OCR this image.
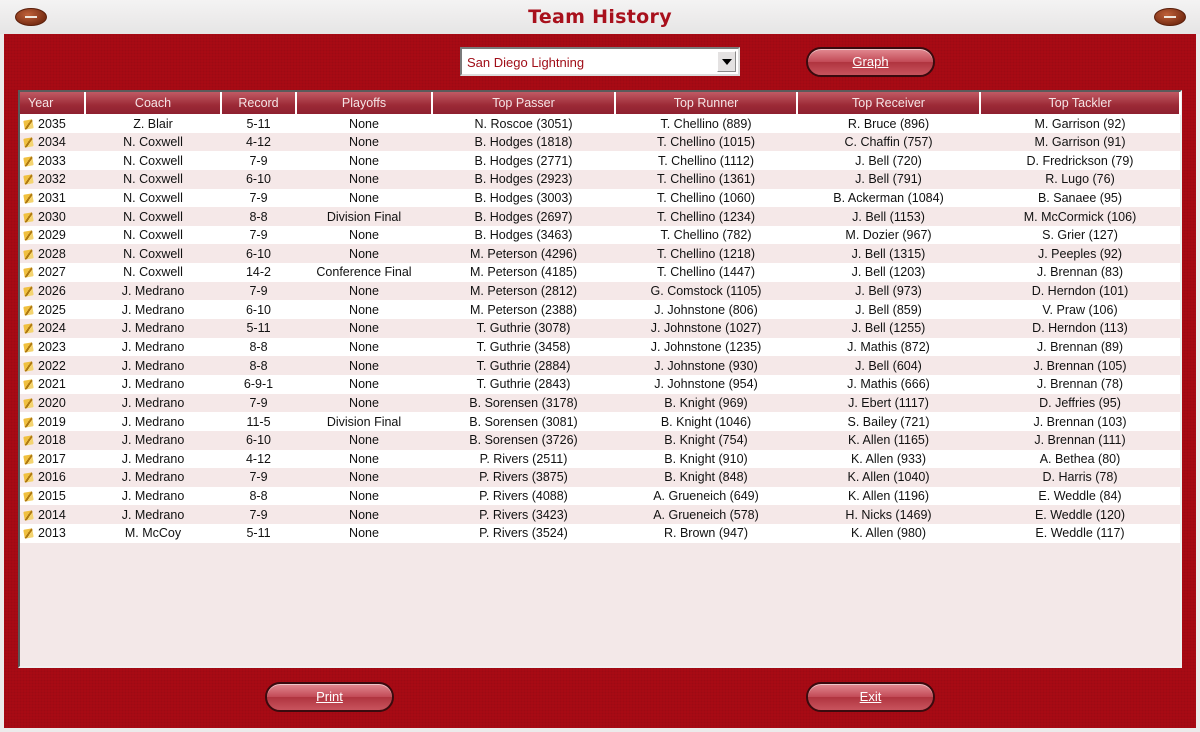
Team History
San Diego Lightning	Graph
Year	Coach	Record	Playoffs	Top Passer	Top Runner	Top Receiver	Top Tackler
2035	Z. Blair	5-11	None	N. Roscoe (3051)	T. Chellino (889)	R. Bruce (896)	M. Garrison (92)
2034	N. Coxwell	4-12	None	B. Hodges (1818)	T. Chellino (1015)	C. Chaffin (757)	M. Garrison (91)
2033	N. Coxwell	7-9	None	B. Hodges (2771)	T. Chellino (1112)	J. Bell (720)	D. Fredrickson (79)
2032	N. Coxwell	6-10	None	B. Hodges (2923)	T. Chellino (1361)	J. Bell (791)	R. Lugo (76)
2031	N. Coxwell	7-9	None	B. Hodges (3003)	T. Chellino (1060)	B. Ackerman (1084)	B. Sanaee (95)
2030	N. Coxwell	8-8	Division Final	B. Hodges (2697)	T. Chellino (1234)	J. Bell (1153)	M. McCormick (106)
2029	N. Coxwell	7-9	None	B. Hodges (3463)	T. Chellino (782)	M. Dozier (967)	S. Grier (127)
2028	N. Coxwell	6-10	None	M. Peterson (4296)	T. Chellino (1218)	J. Bell (1315)	J. Peeples (92)
2027	N. Coxwell	14-2	Conference Final	M. Peterson (4185)	T. Chellino (1447)	J. Bell (1203)	J. Brennan (83)
2026	J. Medrano	7-9	None	M. Peterson (2812)	G. Comstock (1105)	J. Bell (973)	D. Herndon (101)
2025	J. Medrano	6-10	None	M. Peterson (2388)	J. Johnstone (806)	J. Bell (859)	V. Praw (106)
2024	J. Medrano	5-11	None	T. Guthrie (3078)	J. Johnstone (1027)	J. Bell (1255)	D. Herndon (113)
2023	J. Medrano	8-8	None	T. Guthrie (3458)	J. Johnstone (1235)	J. Mathis (872)	J. Brennan (89)
2022	J. Medrano	8-8	None	T. Guthrie (2884)	J. Johnstone (930)	J. Bell (604)	J. Brennan (105)
2021	J. Medrano	6-9-1	None	T. Guthrie (2843)	J. Johnstone (954)	J. Mathis (666)	J. Brennan (78)
2020	J. Medrano	7-9	None	B. Sorensen (3178)	B. Knight (969)	J. Ebert (1117)	D. Jeffries (95)
2019	J. Medrano	11-5	Division Final	B. Sorensen (3081)	B. Knight (1046)	S. Bailey (721)	J. Brennan (103)
2018	J. Medrano	6-10	None	B. Sorensen (3726)	B. Knight (754)	K. Allen (1165)	J. Brennan (111)
2017	J. Medrano	4-12	None	P. Rivers (2511)	B. Knight (910)	K. Allen (933)	A. Bethea (80)
2016	J. Medrano	7-9	None	P. Rivers (3875)	B. Knight (848)	K. Allen (1040)	D. Harris (78)
2015	J. Medrano	8-8	None	P. Rivers (4088)	A. Grueneich (649)	K. Allen (1196)	E. Weddle (84)
2014	J. Medrano	7-9	None	P. Rivers (3423)	A. Grueneich (578)	H. Nicks (1469)	E. Weddle (120)
2013	M. McCoy	5-11	None	P. Rivers (3524)	R. Brown (947)	K. Allen (980)	E. Weddle (117)
Print	Exit
